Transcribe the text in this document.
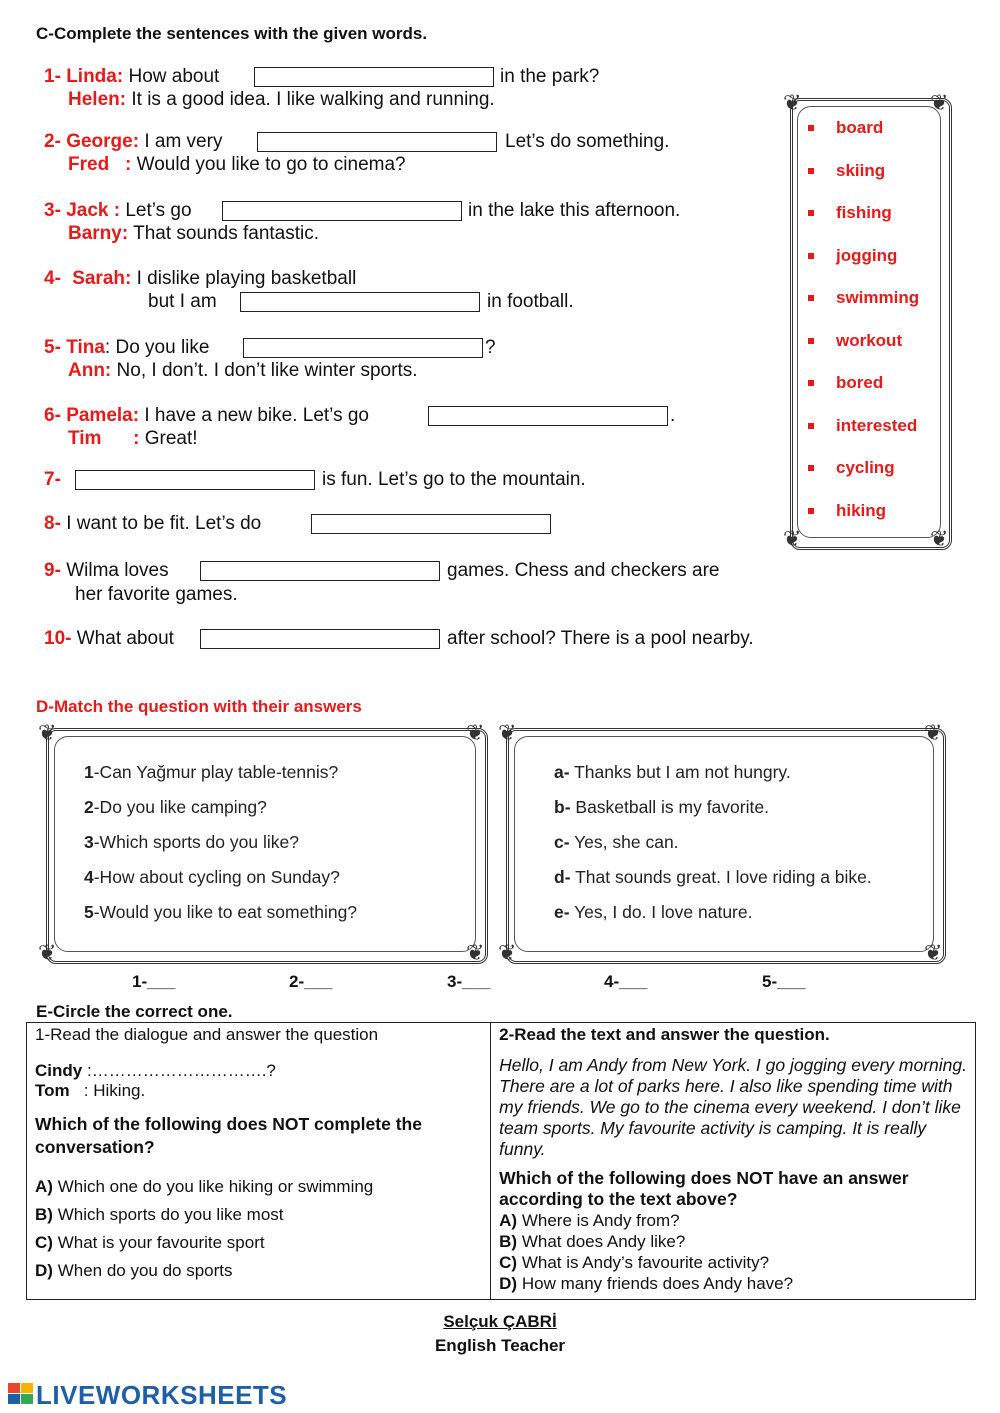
C-Complete the sentences with the given words.
1- Linda: How about	in the park?
Helen: It is a good idea. I like walking and running.
2- George: I am very	Let’s do something.
Fred   : Would you like to go to cinema?
3- Jack : Let’s go	in the lake this afternoon.
Barny: That sounds fantastic.
4- Sarah: I dislike playing basketball
but I am	in football.
5- Tina: Do you like	?
Ann: No, I don’t. I don’t like winter sports.
6- Pamela: I have a new bike. Let’s go	.
Tim      : Great!
7-	is fun. Let’s go to the mountain.
8- I want to be fit. Let’s do
9- Wilma loves	games. Chess and checkers are
her favorite games.
10- What about	after school? There is a pool nearby.
❦	❦
❦	❦
board
skiing
fishing
jogging
swimming
workout
bored
interested
cycling
hiking
D-Match the question with their answers
❦	❦
❦	❦
1-Can Yağmur play table-tennis?
2-Do you like camping?
3-Which sports do you like?
4-How about cycling on Sunday?
5-Would you like to eat something?
❦	❦
❦	❦
a- Thanks but I am not hungry.
b- Basketball is my favorite.
c- Yes, she can.
d- That sounds great. I love riding a bike.
e- Yes, I do. I love nature.
1-___	2-___	3-___	4-___	5-___
E-Circle the correct one.
1-Read the dialogue and answer the question
Cindy :………………………….?
Tom   : Hiking.
Which of the following does NOT complete the conversation?
A) Which one do you like hiking or swimming
B) Which sports do you like most
C) What is your favourite sport
D) When do you do sports

2-Read the text and answer the question.
Hello, I am Andy from New York. I go jogging every morning. There are a lot of parks here. I also like spending time with my friends. We go to the cinema every weekend. I don’t like team sports. My favourite activity is camping. It is really funny.
Which of the following does NOT have an answer according to the text above?
A) Where is Andy from?
B) What does Andy like?
C) What is Andy’s favourite activity?
D) How many friends does Andy have?
Selçuk ÇABRİ
English Teacher
LIVEWORKSHEETS
